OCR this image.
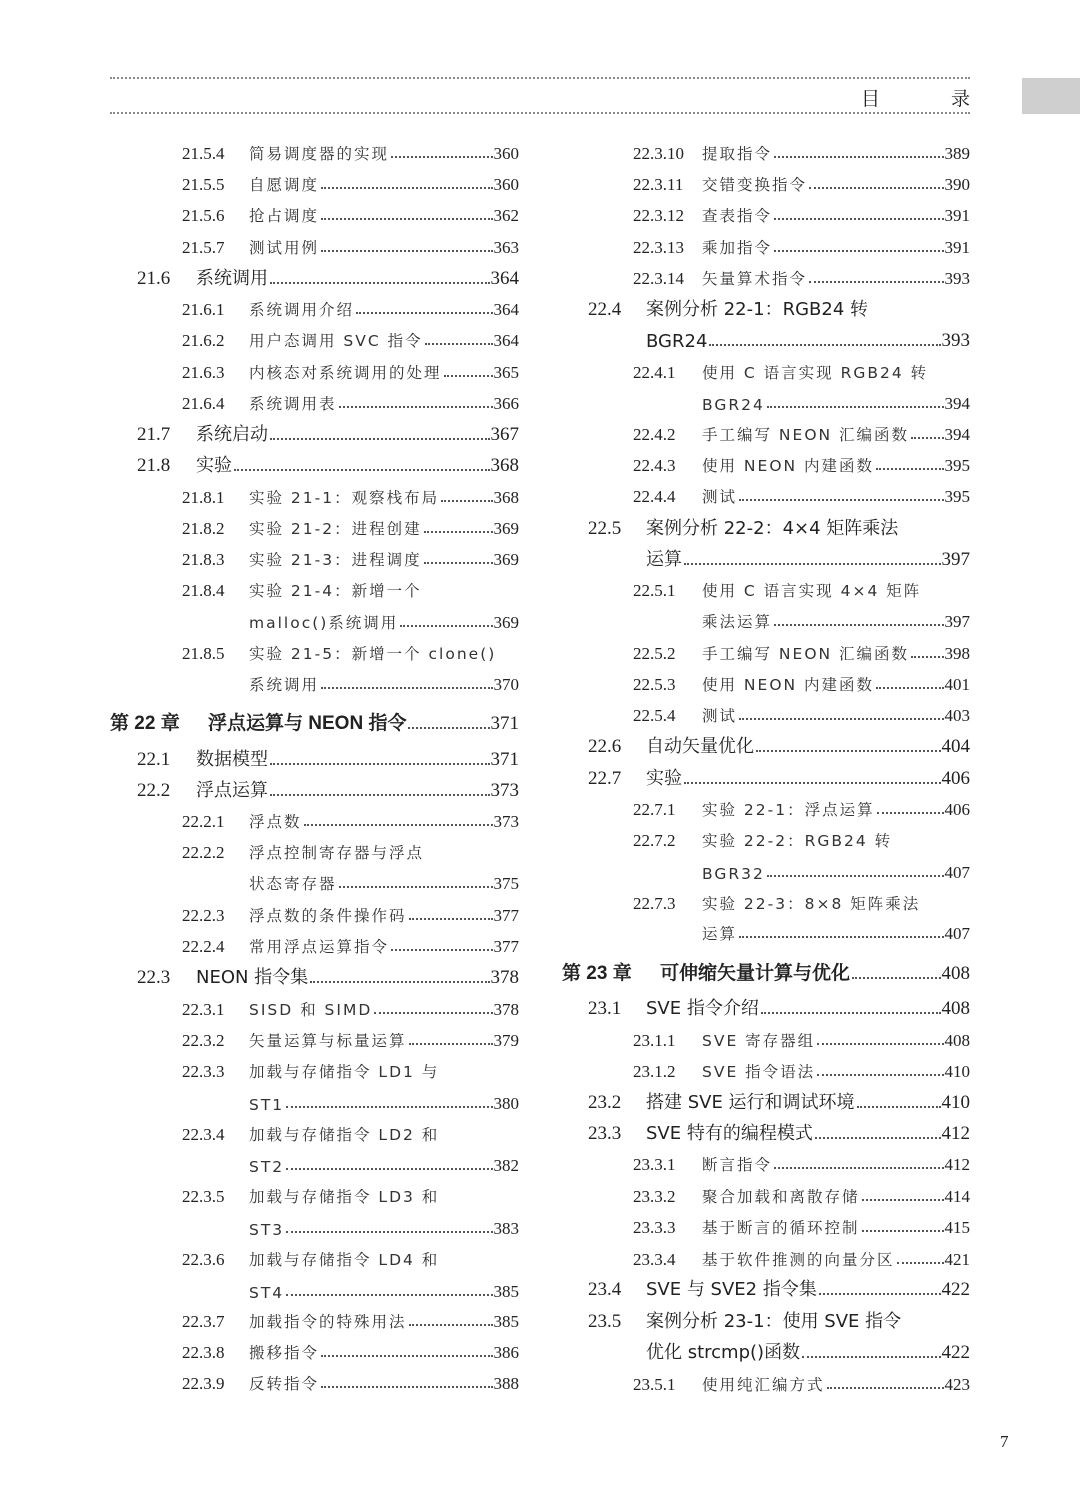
目　录
21.5.4	简易调度器的实现	360
21.5.5	自愿调度	360
21.5.6	抢占调度	362
21.5.7	测试用例	363
21.6	系统调用	364
21.6.1	系统调用介绍	364
21.6.2	用户态调用 SVC 指令	364
21.6.3	内核态对系统调用的处理	365
21.6.4	系统调用表	366
21.7	系统启动	367
21.8	实验	368
21.8.1	实验 21-1：观察栈布局	368
21.8.2	实验 21-2：进程创建	369
21.8.3	实验 21-3：进程调度	369
21.8.4	实验 21-4：新增一个
malloc()系统调用	369
21.8.5	实验 21-5：新增一个 clone()
系统调用	370
第 22 章	浮点运算与 NEON 指令	371
22.1	数据模型	371
22.2	浮点运算	373
22.2.1	浮点数	373
22.2.2	浮点控制寄存器与浮点
状态寄存器	375
22.2.3	浮点数的条件操作码	377
22.2.4	常用浮点运算指令	377
22.3	NEON 指令集	378
22.3.1	SISD 和 SIMD	378
22.3.2	矢量运算与标量运算	379
22.3.3	加载与存储指令 LD1 与
ST1	380
22.3.4	加载与存储指令 LD2 和
ST2	382
22.3.5	加载与存储指令 LD3 和
ST3	383
22.3.6	加载与存储指令 LD4 和
ST4	385
22.3.7	加载指令的特殊用法	385
22.3.8	搬移指令	386
22.3.9	反转指令	388
22.3.10	提取指令	389
22.3.11	交错变换指令	390
22.3.12	查表指令	391
22.3.13	乘加指令	391
22.3.14	矢量算术指令	393
22.4	案例分析 22-1：RGB24 转
BGR24	393
22.4.1	使用 C 语言实现 RGB24 转
BGR24	394
22.4.2	手工编写 NEON 汇编函数 394
22.4.3	使用 NEON 内建函数	395
22.4.4	测试	395
22.5	案例分析 22-2：4×4 矩阵乘法
运算	397
22.5.1	使用 C 语言实现 4×4 矩阵
乘法运算	397
22.5.2	手工编写 NEON 汇编函数 398
22.5.3	使用 NEON 内建函数	401
22.5.4	测试	403
22.6	自动矢量优化	404
22.7	实验	406
22.7.1	实验 22-1：浮点运算	406
22.7.2	实验 22-2：RGB24 转
BGR32	407
22.7.3	实验 22-3：8×8 矩阵乘法
运算	407
第 23 章	可伸缩矢量计算与优化	408
23.1	SVE 指令介绍	408
23.1.1	SVE 寄存器组	408
23.1.2	SVE 指令语法	410
23.2	搭建 SVE 运行和调试环境	410
23.3	SVE 特有的编程模式	412
23.3.1	断言指令	412
23.3.2	聚合加载和离散存储	414
23.3.3	基于断言的循环控制	415
23.3.4	基于软件推测的向量分区	421
23.4	SVE 与 SVE2 指令集	422
23.5	案例分析 23-1：使用 SVE 指令
优化 strcmp()函数	422
23.5.1	使用纯汇编方式	423
7
